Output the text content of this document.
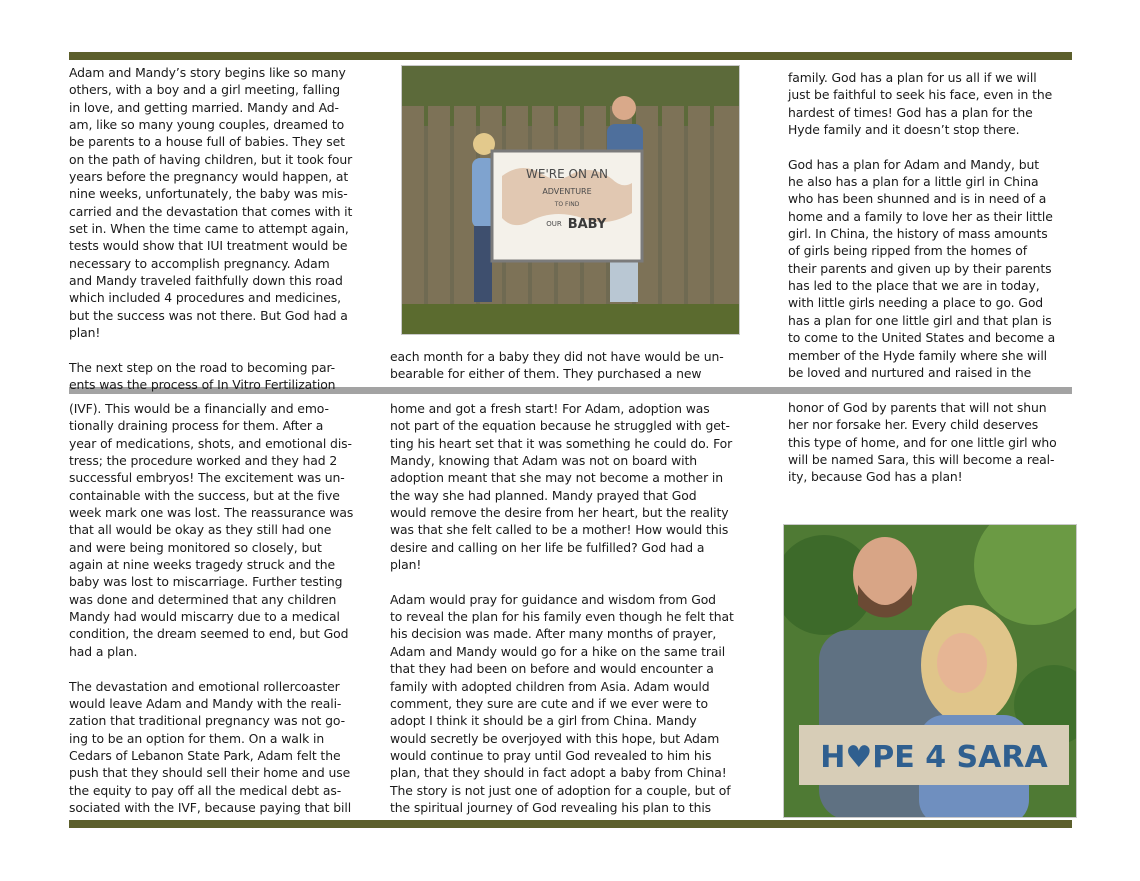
Adam and Mandy’s story begins like so many
others, with a boy and a girl meeting, falling
in love, and getting married. Mandy and Ad-
am, like so many young couples, dreamed to
be parents to a house full of babies. They set
on the path of having children, but it took four
years before the pregnancy would happen, at
nine weeks, unfortunately, the baby was mis-
carried and the devastation that comes with it
set in. When the time came to attempt again,
tests would show that IUI treatment would be
necessary to accomplish pregnancy. Adam
and Mandy traveled faithfully down this road
which included 4 procedures and medicines,
but the success was not there. But God had a
plan!

The next step on the road to becoming par-
ents was the process of In Vitro Fertilization

(IVF). This would be a financially and emo-
tionally draining process for them. After a
year of medications, shots, and emotional dis-
tress; the procedure worked and they had 2
successful embryos! The excitement was un-
containable with the success, but at the five
week mark one was lost. The reassurance was
that all would be okay as they still had one
and were being monitored so closely, but
again at nine weeks tragedy struck and the
baby was lost to miscarriage. Further testing
was done and determined that any children
Mandy had would miscarry due to a medical
condition, the dream seemed to end, but God
had a plan.

The devastation and emotional rollercoaster
would leave Adam and Mandy with the reali-
zation that traditional pregnancy was not go-
ing to be an option for them. On a walk in
Cedars of Lebanon State Park, Adam felt the
push that they should sell their home and use
the equity to pay off all the medical debt as-
sociated with the IVF, because paying that bill

WE'RE ON AN
ADVENTURE
TO FIND
OUR BABY

each month for a baby they did not have would be un-
bearable for either of them. They purchased a new

home and got a fresh start! For Adam, adoption was
not part of the equation because he struggled with get-
ting his heart set that it was something he could do. For
Mandy, knowing that Adam was not on board with
adoption meant that she may not become a mother in
the way she had planned. Mandy prayed that God
would remove the desire from her heart, but the reality
was that she felt called to be a mother! How would this
desire and calling on her life be fulfilled? God had a
plan!

Adam would pray for guidance and wisdom from God
to reveal the plan for his family even though he felt that
his decision was made. After many months of prayer,
Adam and Mandy would go for a hike on the same trail
that they had been on before and would encounter a
family with adopted children from Asia. Adam would
comment, they sure are cute and if we ever were to
adopt I think it should be a girl from China. Mandy
would secretly be overjoyed with this hope, but Adam
would continue to pray until God revealed to him his
plan, that they should in fact adopt a baby from China!
The story is not just one of adoption for a couple, but of
the spiritual journey of God revealing his plan to this

family. God has a plan for us all if we will
just be faithful to seek his face, even in the
hardest of times! God has a plan for the
Hyde family and it doesn’t stop there.

God has a plan for Adam and Mandy, but
he also has a plan for a little girl in China
who has been shunned and is in need of a
home and a family to love her as their little
girl. In China, the history of mass amounts
of girls being ripped from the homes of
their parents and given up by their parents
has led to the place that we are in today,
with little girls needing a place to go. God
has a plan for one little girl and that plan is
to come to the United States and become a
member of the Hyde family where she will
be loved and nurtured and raised in the

honor of God by parents that will not shun
her nor forsake her. Every child deserves
this type of home, and for one little girl who
will be named Sara, this will become a real-
ity, because God has a plan!

H♥PE 4 SARA
